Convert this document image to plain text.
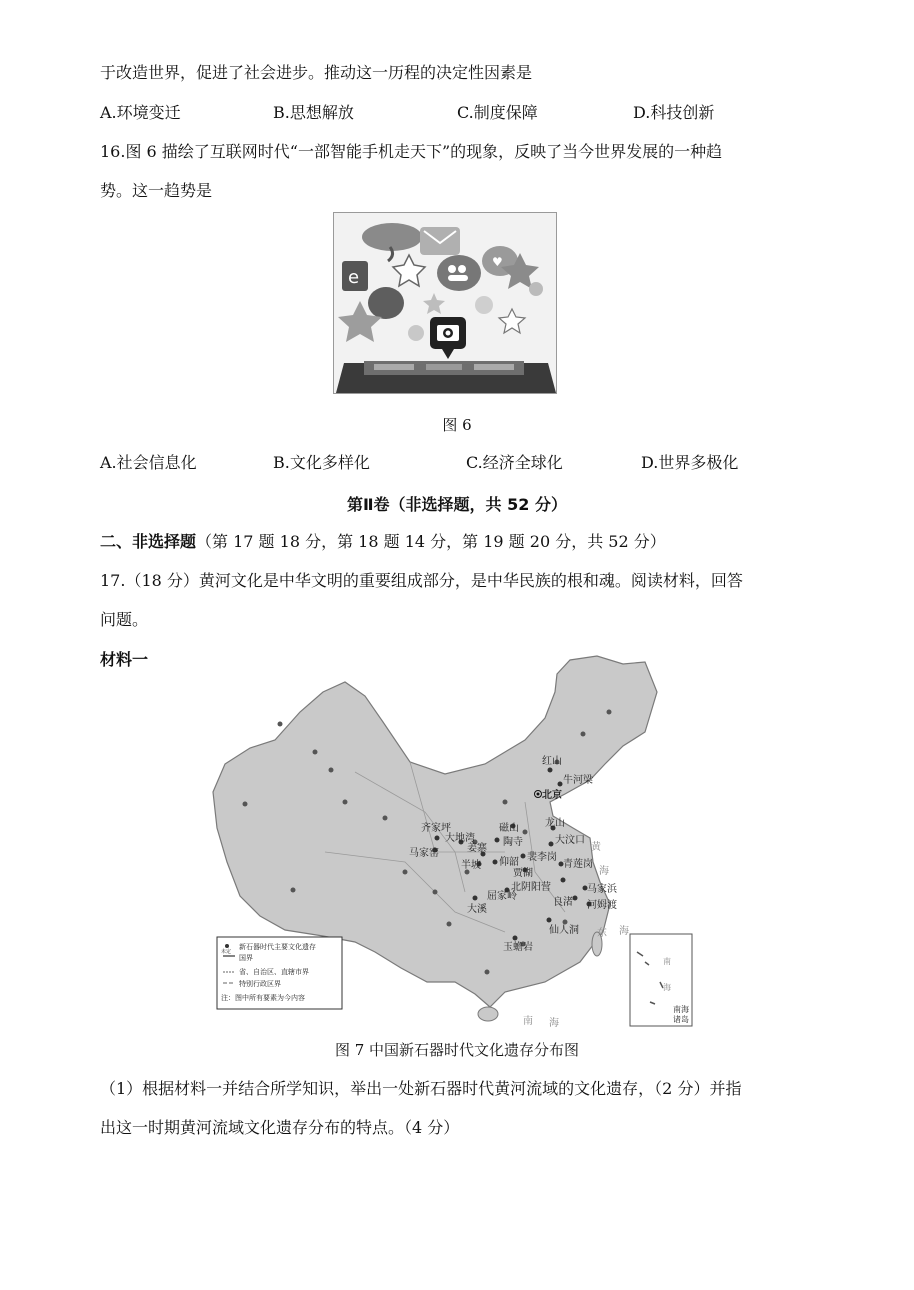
于改造世界，促进了社会进步。推动这一历程的决定性因素是
A.环境变迁	B.思想解放	C.制度保障	D.科技创新
16.图 6 描绘了互联网时代“一部智能手机走天下”的现象，反映了当今世界发展的一种趋
势。这一趋势是
e
♥
图 6
A.社会信息化	B.文化多样化	C.经济全球化	D.世界多极化
第Ⅱ卷（非选择题，共 52 分）
二、非选择题（第 17 题 18 分，第 18 题 14 分，第 19 题 20 分，共 52 分）
17.（18 分）黄河文化是中华文明的重要组成部分，是中华民族的根和魂。阅读材料，回答
问题。
材料一
新石器时代主要文化遗存
国界
未定
省、自治区、直辖市界
特别行政区界
注：图中所有要素为今内容
红山
牛河梁
北京
齐家坪
大地湾
磁山	龙山
陶寺	大汶口
马家窑	姜寨
仰韶 裴李岗
青莲岗
半坡
贾湖
北阴阳营	马家浜
屈家岭
良渚 河姆渡
大溪
仙人洞
玉蟾岩
黄
海
东 海
南 海
南海
诸岛
南
海
图 7 中国新石器时代文化遗存分布图
（1）根据材料一并结合所学知识，举出一处新石器时代黄河流域的文化遗存，（2 分）并指
出这一时期黄河流域文化遗存分布的特点。（4 分）
